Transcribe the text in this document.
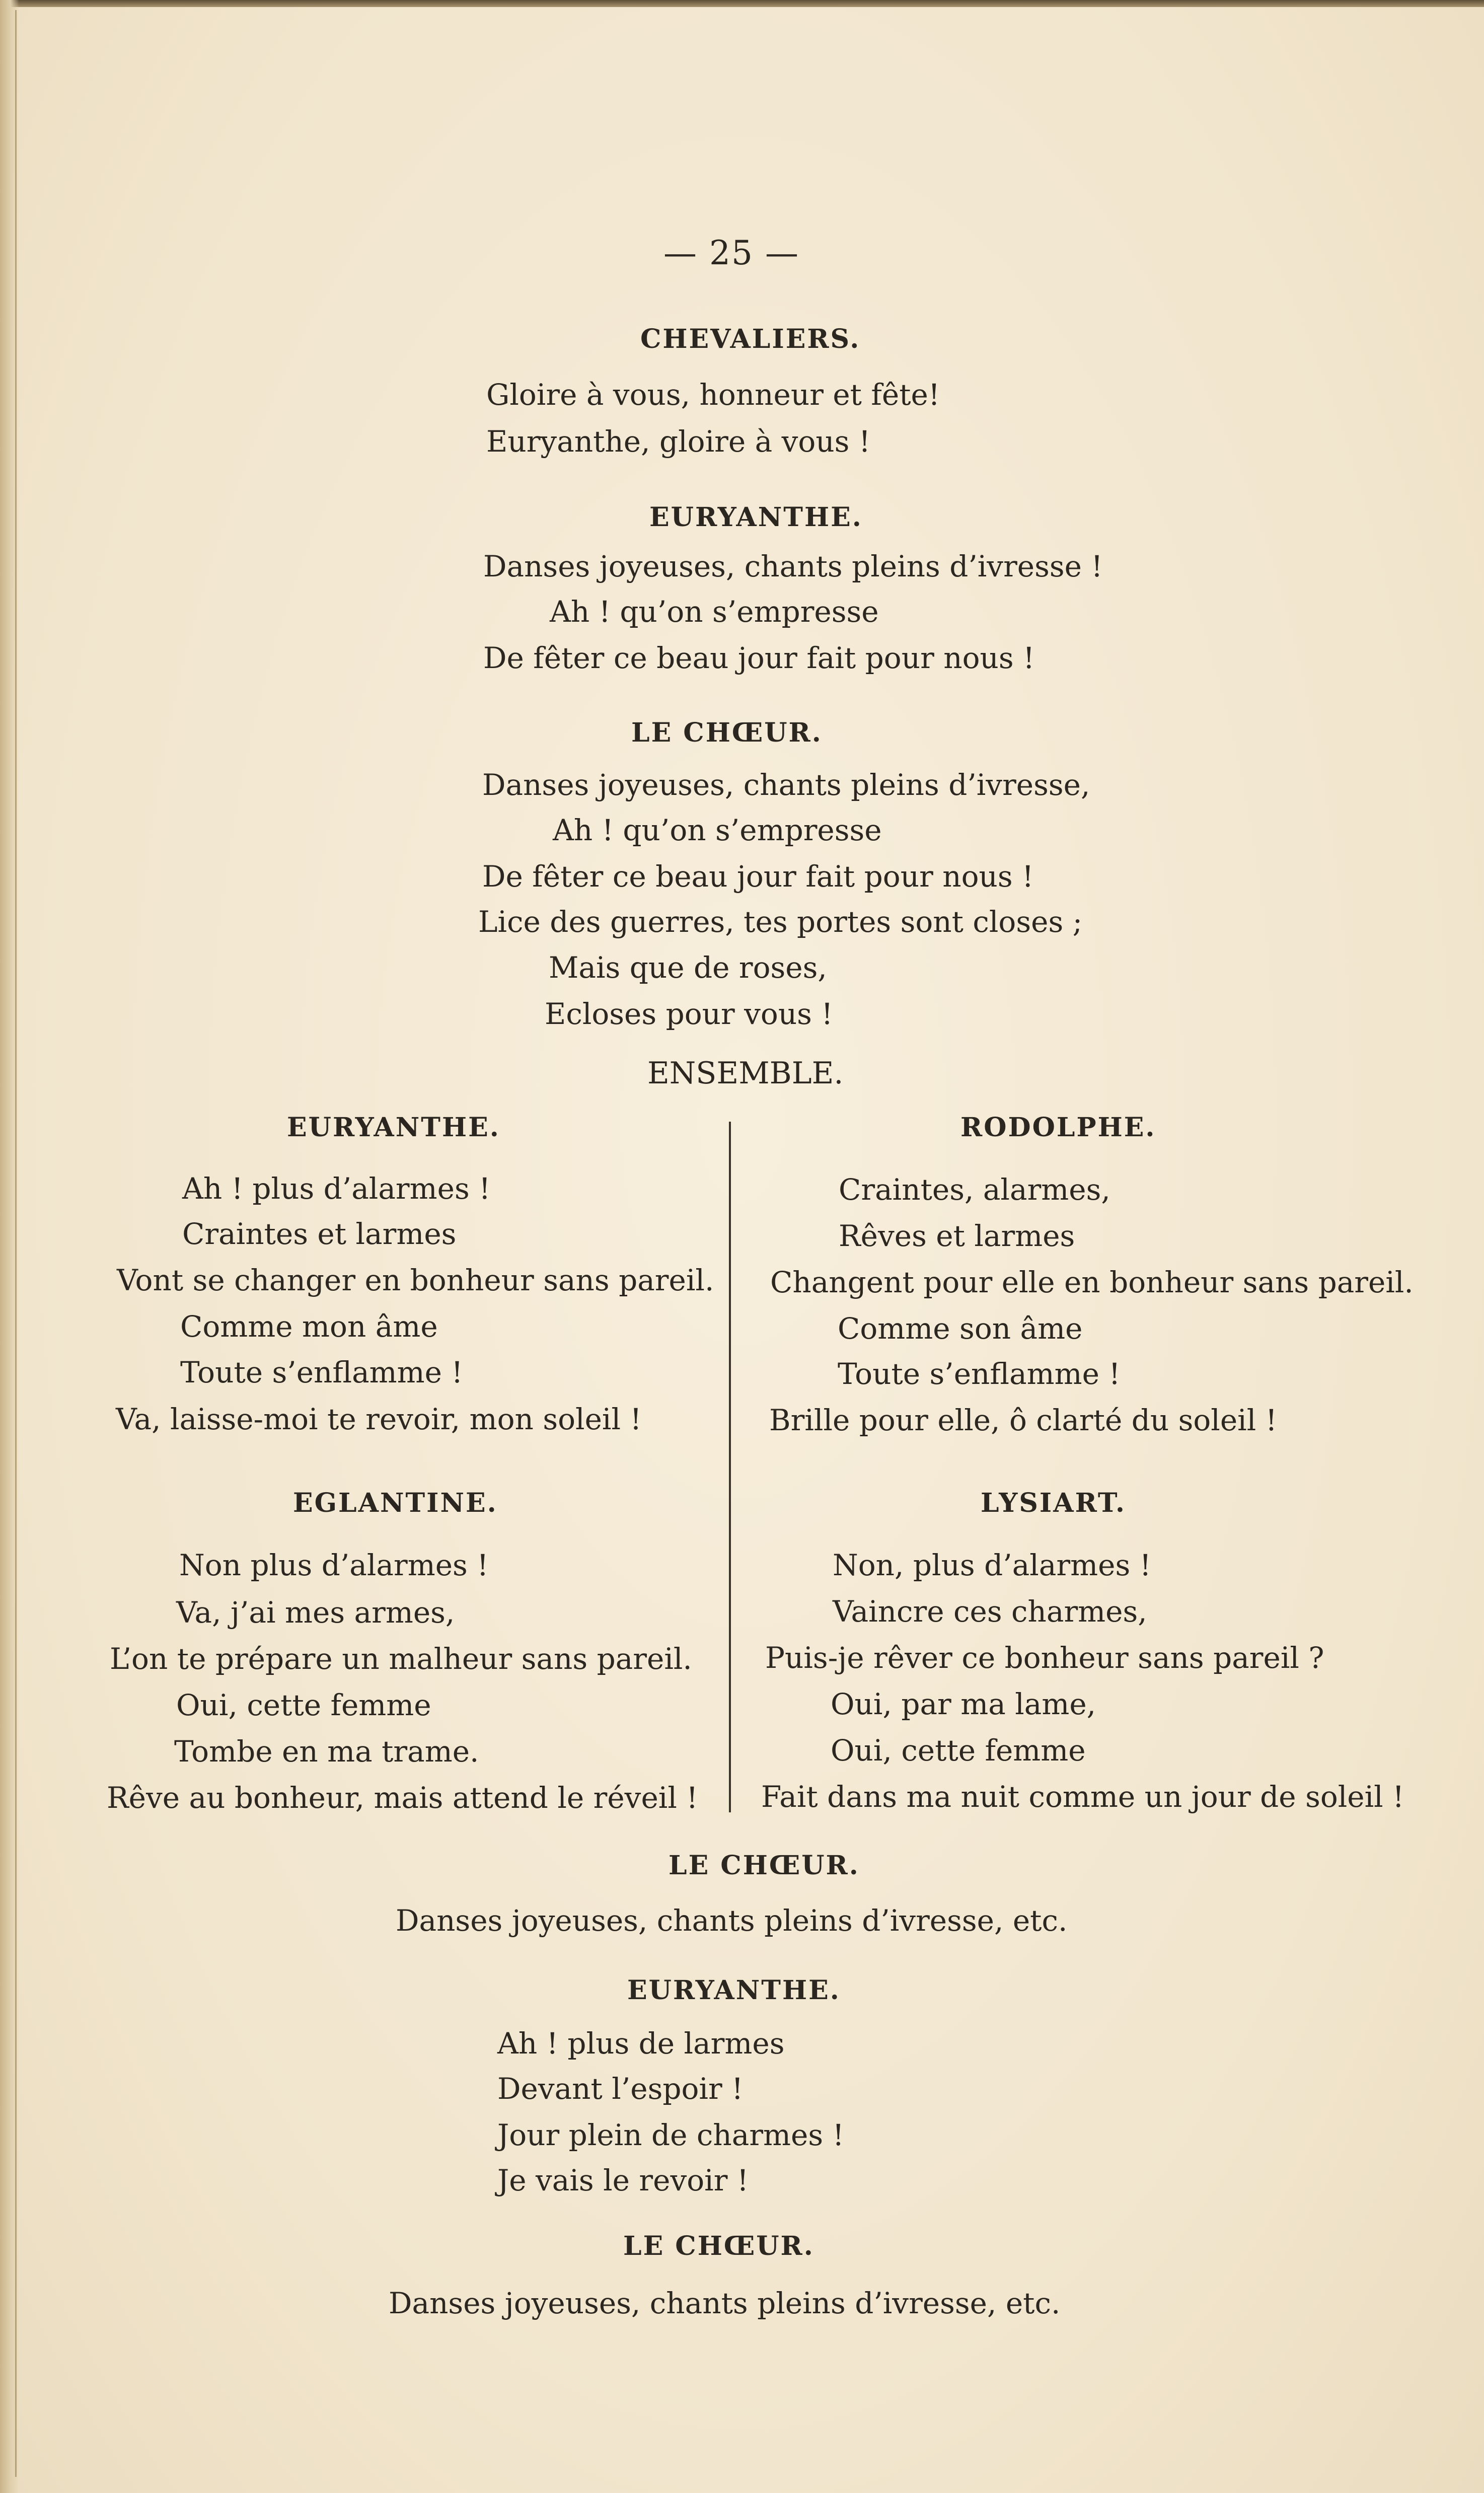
— 25 —
CHEVALIERS.
Gloire à vous, honneur et fête!
Euryanthe, gloire à vous !
EURYANTHE.
Danses joyeuses, chants pleins d’ivresse !
Ah ! qu’on s’empresse
De fêter ce beau jour fait pour nous !
LE CHŒUR.
Danses joyeuses, chants pleins d’ivresse,
Ah ! qu’on s’empresse
De fêter ce beau jour fait pour nous !
Lice des guerres, tes portes sont closes ;
Mais que de roses,
Ecloses pour vous !
ENSEMBLE.
EURYANTHE.
Ah ! plus d’alarmes !
Craintes et larmes
Vont se changer en bonheur sans pareil.
Comme mon âme
Toute s’enflamme !
Va, laisse-moi te revoir, mon soleil !
EGLANTINE.
Non plus d’alarmes !
Va, j’ai mes armes,
L’on te prépare un malheur sans pareil.
Oui, cette femme
Tombe en ma trame.
Rêve au bonheur, mais attend le réveil !
RODOLPHE.
Craintes, alarmes,
Rêves et larmes
Changent pour elle en bonheur sans pareil.
Comme son âme
Toute s’enflamme !
Brille pour elle, ô clarté du soleil !
LYSIART.
Non, plus d’alarmes !
Vaincre ces charmes,
Puis-je rêver ce bonheur sans pareil ?
Oui, par ma lame,
Oui, cette femme
Fait dans ma nuit comme un jour de soleil !
LE CHŒUR.
Danses joyeuses, chants pleins d’ivresse, etc.
EURYANTHE.
Ah ! plus de larmes
Devant l’espoir !
Jour plein de charmes !
Je vais le revoir !
LE CHŒUR.
Danses joyeuses, chants pleins d’ivresse, etc.
